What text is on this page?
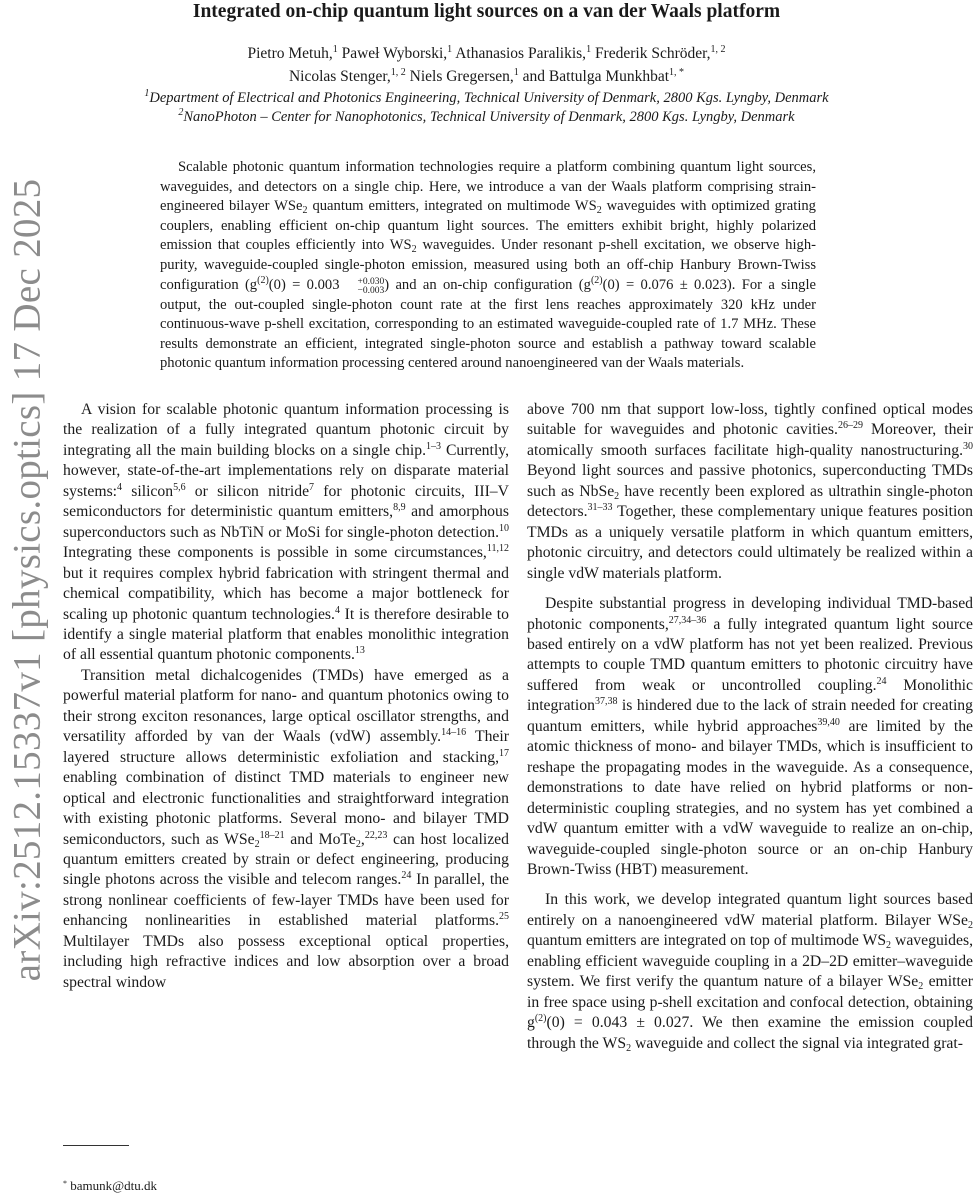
arXiv:2512.15337v1 [physics.optics] 17 Dec 2025
Integrated on-chip quantum light sources on a van der Waals platform
Pietro Metuh,$^1$ Paweł Wyborski,$^1$ Athanasios Paralikis,$^1$ Frederik Schröder,$^{1, 2}$
Nicolas Stenger,$^{1, 2}$ Niels Gregersen,$^1$ and Battulga Munkhbat$^{1, *}$
$^1$Department of Electrical and Photonics Engineering, Technical University of Denmark, 2800 Kgs. Lyngby, Denmark
$^2$NanoPhoton – Center for Nanophotonics, Technical University of Denmark, 2800 Kgs. Lyngby, Denmark
Scalable photonic quantum information technologies require a platform combining quantum light sources, waveguides, and detectors on a single chip. Here, we introduce a van der Waals platform comprising strain-engineered bilayer WSe$_2$ quantum emitters, integrated on multimode $WS_2$ waveguides with optimized grating couplers, enabling efficient on-chip quantum light sources. The emitters exhibit bright, highly polarized emission that couples efficiently into $WS_2$ waveguides. Under resonant p-shell excitation, we observe high-purity, waveguide-coupled single-photon emission, measured using both an off-chip Hanbury Brown-Twiss configuration ($g^{(2)}(0) = 0.003$	+0.030
−0.003 ) and an on-chip configuration $(g^{(2)}(0) = 0.076 \pm 0.023)$. For a single output, the out-coupled single-photon count rate at the first lens reaches approximately 320 kHz under continuous-wave p-shell excitation, corresponding to an estimated waveguide-coupled rate of 1.7 MHz. These results demonstrate an efficient, integrated single-photon source and establish a pathway toward scalable photonic quantum information processing centered around nanoengineered van der Waals materials.

A vision for scalable photonic quantum information processing is the realization of a fully integrated quantum photonic circuit by integrating all the main building blocks on a single chip.$^{1-3}$ Currently, however, state-of-the-art implementations rely on disparate material systems:$^4$ silicon$^{5,6}$ or silicon nitride$^7$ for photonic circuits, III–V semiconductors for deterministic quantum emitters,$^{8,9}$ and amorphous superconductors such as NbTiN or MoSi for single-photon detection.$^{10}$ Integrating these components is possible in some circumstances,$^{11,12}$ but it requires complex hybrid fabrication with stringent thermal and chemical compatibility, which has become a major bottleneck for scaling up photonic quantum technologies.$^4$ It is therefore desirable to identify a single material platform that enables monolithic integration of all essential quantum photonic components.$^{13}$

Transition metal dichalcogenides (TMDs) have emerged as a powerful material platform for nano- and quantum photonics owing to their strong exciton resonances, large optical oscillator strengths, and versatility afforded by van der Waals (vdW) assembly.$^{14-16}$ Their layered structure allows deterministic exfoliation and stacking,$^{17}$ enabling combination of distinct TMD materials to engineer new optical and electronic functionalities and straightforward integration with existing photonic platforms. Several mono- and bilayer TMD semiconductors, such as WSe$_2^{18-21}$ and MoTe$_2$,$^{22,23}$ can host localized quantum emitters created by strain or defect engineering, producing single photons across the visible and telecom ranges.$^{24}$ In parallel, the strong nonlinear coefficients of few-layer TMDs have been used for enhancing nonlinearities in established material platforms.$^{25}$ Multilayer TMDs also possess exceptional optical properties, including high refractive indices and low absorption over a broad spectral window

above 700 nm that support low-loss, tightly confined optical modes suitable for waveguides and photonic cavities.$^{26-29}$ Moreover, their atomically smooth surfaces facilitate high-quality nanostructuring.$^{30}$ Beyond light sources and passive photonics, superconducting TMDs such as NbSe$_2$ have recently been explored as ultrathin single-photon detectors.$^{31-33}$ Together, these complementary unique features position TMDs as a uniquely versatile platform in which quantum emitters, photonic circuitry, and detectors could ultimately be realized within a single vdW materials platform.

Despite substantial progress in developing individual TMD-based photonic components,$^{27,34-36}$ a fully integrated quantum light source based entirely on a vdW platform has not yet been realized. Previous attempts to couple TMD quantum emitters to photonic circuitry have suffered from weak or uncontrolled coupling.$^{24}$ Monolithic integration$^{37,38}$ is hindered due to the lack of strain needed for creating quantum emitters, while hybrid approaches$^{39,40}$ are limited by the atomic thickness of mono- and bilayer TMDs, which is insufficient to reshape the propagating modes in the waveguide. As a consequence, demonstrations to date have relied on hybrid platforms or non-deterministic coupling strategies, and no system has yet combined a vdW quantum emitter with a vdW waveguide to realize an on-chip, waveguide-coupled single-photon source or an on-chip Hanbury Brown-Twiss (HBT) measurement.

In this work, we develop integrated quantum light sources based entirely on a nanoengineered vdW material platform. Bilayer WSe$_2$ quantum emitters are integrated on top of multimode $WS_2$ waveguides, enabling efficient waveguide coupling in a 2D–2D emitter–waveguide system. We first verify the quantum nature of a bilayer WSe$_2$ emitter in free space using p-shell excitation and confocal detection, obtaining $g^{(2)}(0) = 0.043 \pm 0.027$. We then examine the emission coupled through the $WS_2$ waveguide and collect the signal via integrated grat-

* bamunk@dtu.dk
